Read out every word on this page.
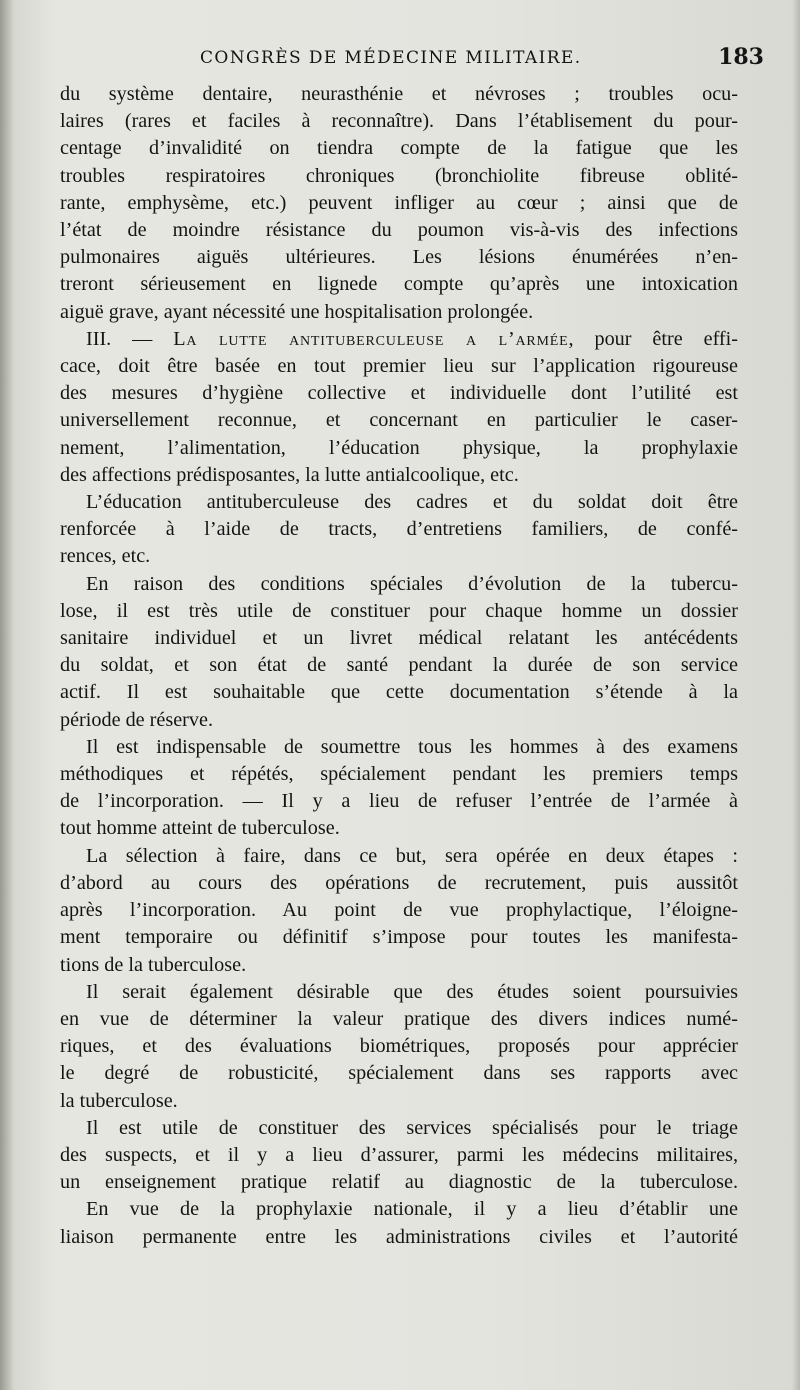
CONGRÈS DE MÉDECINE MILITAIRE.	183

du système dentaire, neurasthénie et névroses ; troubles ocu-

laires (rares et faciles à reconnaître). Dans l’établisement du pour-

centage d’invalidité on tiendra compte de la fatigue que les

troubles respiratoires chroniques (bronchiolite fibreuse oblité-

rante, emphysème, etc.) peuvent infliger au cœur ; ainsi que de

l’état de moindre résistance du poumon vis-à-vis des infections

pulmonaires aiguës ultérieures. Les lésions énumérées n’en-

treront sérieusement en lignede compte qu’après une intoxication

aiguë grave, ayant nécessité une hospitalisation prolongée.

III. — La lutte antituberculeuse a l’armée, pour être effi-

cace, doit être basée en tout premier lieu sur l’application rigoureuse

des mesures d’hygiène collective et individuelle dont l’utilité est

universellement reconnue, et concernant en particulier le caser-

nement, l’alimentation, l’éducation physique, la prophylaxie

des affections prédisposantes, la lutte antialcoolique, etc.

L’éducation antituberculeuse des cadres et du soldat doit être

renforcée à l’aide de tracts, d’entretiens familiers, de confé-

rences, etc.

En raison des conditions spéciales d’évolution de la tubercu-

lose, il est très utile de constituer pour chaque homme un dossier

sanitaire individuel et un livret médical relatant les antécédents

du soldat, et son état de santé pendant la durée de son service

actif. Il est souhaitable que cette documentation s’étende à la

période de réserve.

Il est indispensable de soumettre tous les hommes à des examens

méthodiques et répétés, spécialement pendant les premiers temps

de l’incorporation. — Il y a lieu de refuser l’entrée de l’armée à

tout homme atteint de tuberculose.

La sélection à faire, dans ce but, sera opérée en deux étapes :

d’abord au cours des opérations de recrutement, puis aussitôt

après l’incorporation. Au point de vue prophylactique, l’éloigne-

ment temporaire ou définitif s’impose pour toutes les manifesta-

tions de la tuberculose.

Il serait également désirable que des études soient poursuivies

en vue de déterminer la valeur pratique des divers indices numé-

riques, et des évaluations biométriques, proposés pour apprécier

le degré de robusticité, spécialement dans ses rapports avec

la tuberculose.

Il est utile de constituer des services spécialisés pour le triage

des suspects, et il y a lieu d’assurer, parmi les médecins militaires,

un enseignement pratique relatif au diagnostic de la tuberculose.

En vue de la prophylaxie nationale, il y a lieu d’établir une

liaison permanente entre les administrations civiles et l’autorité
